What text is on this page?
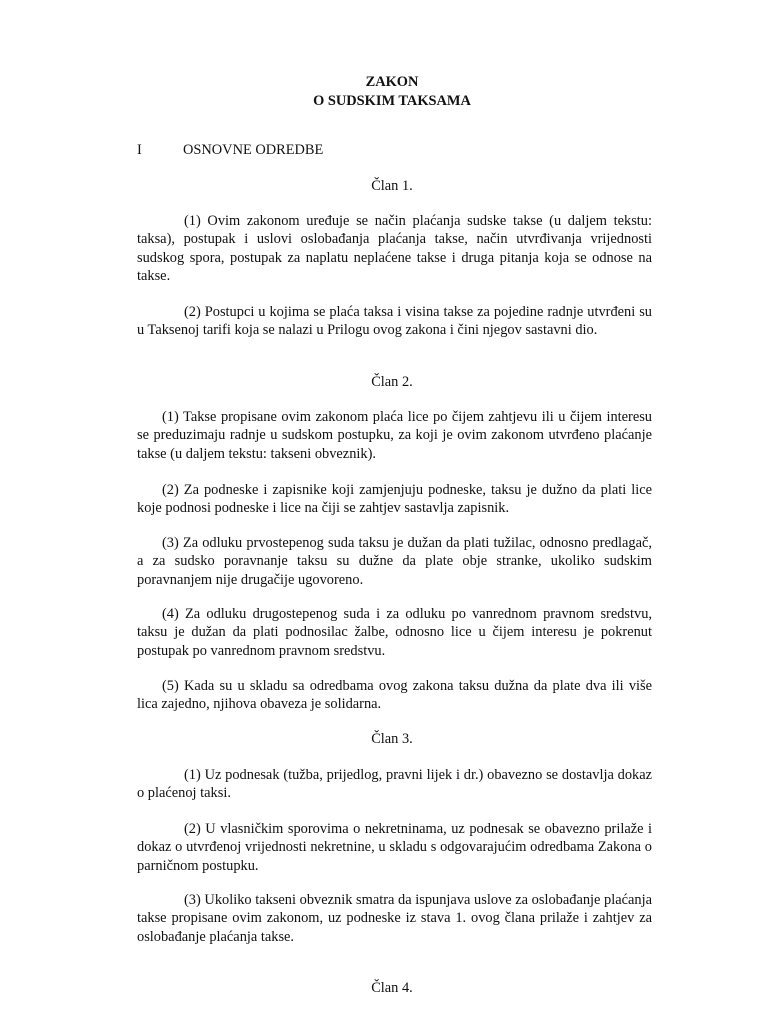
ZAKON
O SUDSKIM TAKSAMA
I	OSNOVNE ODREDBE
Član 1.

(1) Ovim zakonom uređuje se način plaćanja sudske takse (u daljem tekstu: taksa), postupak i uslovi oslobađanja plaćanja takse, način utvrđivanja vrijednosti sudskog spora, postupak za naplatu neplaćene takse i druga pitanja koja se odnose na takse.

(2) Postupci u kojima se plaća taksa i visina takse za pojedine radnje utvrđeni su u Taksenoj tarifi koja se nalazi u Prilogu ovog zakona i čini njegov sastavni dio.

Član 2.

(1) Takse propisane ovim zakonom plaća lice po čijem zahtjevu ili u čijem interesu se preduzimaju radnje u sudskom postupku, za koji je ovim zakonom utvrđeno plaćanje takse (u daljem tekstu: takseni obveznik).

(2) Za podneske i zapisnike koji zamjenjuju podneske, taksu je dužno da plati lice koje podnosi podneske i lice na čiji se zahtjev sastavlja zapisnik.

(3) Za odluku prvostepenog suda taksu je dužan da plati tužilac, odnosno predlagač, a za sudsko poravnanje taksu su dužne da plate obje stranke, ukoliko sudskim poravnanjem nije drugačije ugovoreno.

(4) Za odluku drugostepenog suda i za odluku po vanrednom pravnom sredstvu, taksu je dužan da plati podnosilac žalbe, odnosno lice u čijem interesu je pokrenut postupak po vanrednom pravnom sredstvu.

(5) Kada su u skladu sa odredbama ovog zakona taksu dužna da plate dva ili više lica zajedno, njihova obaveza je solidarna.

Član 3.

(1) Uz podnesak (tužba, prijedlog, pravni lijek i dr.) obavezno se dostavlja dokaz o plaćenoj taksi.

(2) U vlasničkim sporovima o nekretninama, uz podnesak se obavezno prilaže i dokaz o utvrđenoj vrijednosti nekretnine, u skladu s odgovarajućim odredbama Zakona o parničnom postupku.

(3) Ukoliko takseni obveznik smatra da ispunjava uslove za oslobađanje plaćanja takse propisane ovim zakonom, uz podneske iz stava 1. ovog člana prilaže i zahtjev za oslobađanje plaćanja takse.

Član 4.
